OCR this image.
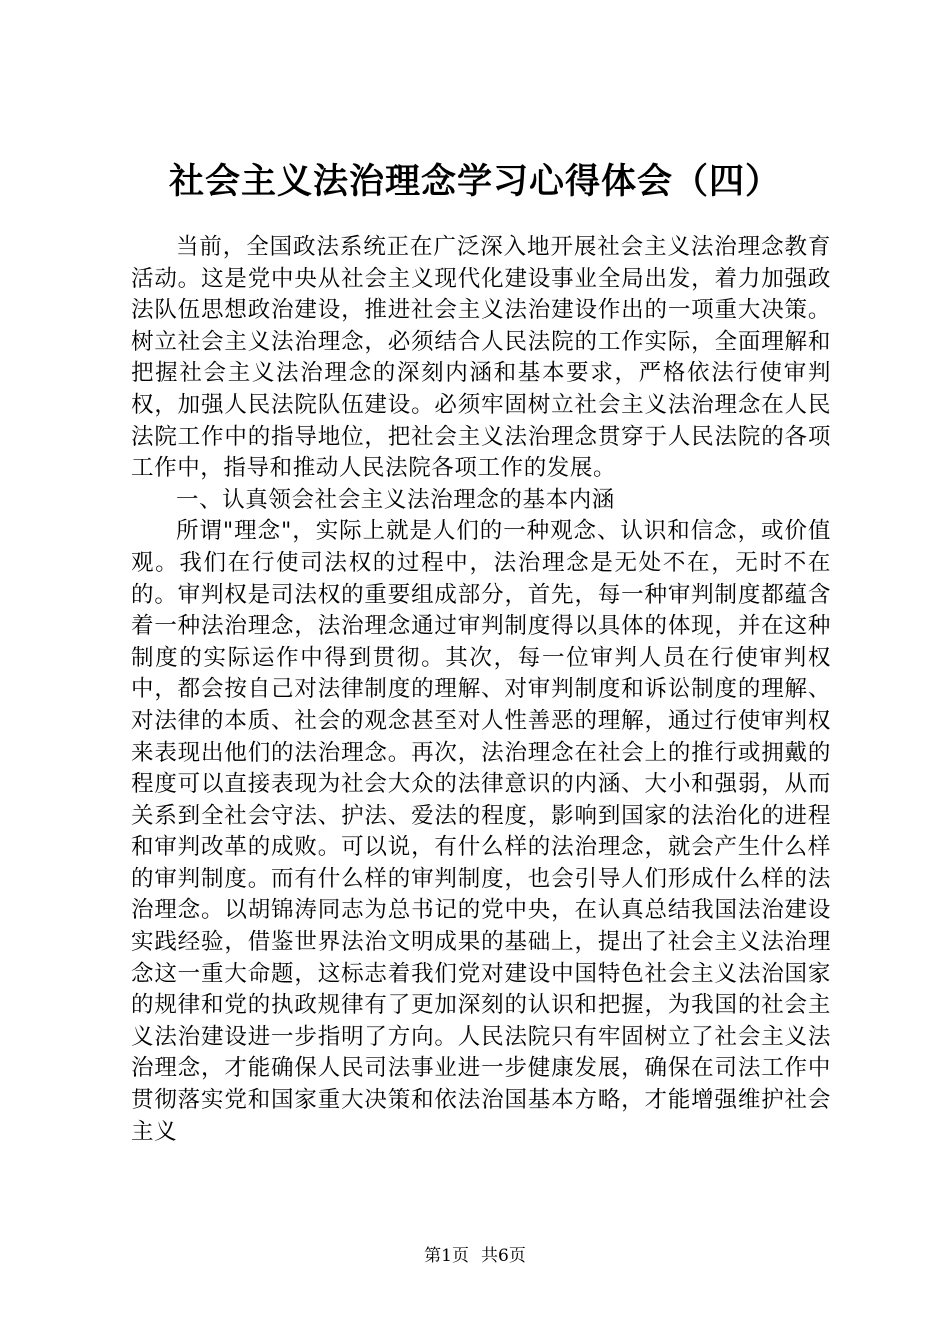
社会主义法治理念学习心得体会（四）

当前，全国政法系统正在广泛深入地开展社会主义法治理念教育活动。这是党中央从社会主义现代化建设事业全局出发，着力加强政法队伍思想政治建设，推进社会主义法治建设作出的一项重大决策。树立社会主义法治理念，必须结合人民法院的工作实际，全面理解和把握社会主义法治理念的深刻内涵和基本要求，严格依法行使审判权，加强人民法院队伍建设。必须牢固树立社会主义法治理念在人民法院工作中的指导地位，把社会主义法治理念贯穿于人民法院的各项工作中，指导和推动人民法院各项工作的发展。

一、认真领会社会主义法治理念的基本内涵

所谓"理念"，实际上就是人们的一种观念、认识和信念，或价值观。我们在行使司法权的过程中，法治理念是无处不在，无时不在的。审判权是司法权的重要组成部分，首先，每一种审判制度都蕴含着一种法治理念，法治理念通过审判制度得以具体的体现，并在这种制度的实际运作中得到贯彻。其次，每一位审判人员在行使审判权中，都会按自己对法律制度的理解、对审判制度和诉讼制度的理解、对法律的本质、社会的观念甚至对人性善恶的理解，通过行使审判权来表现出他们的法治理念。再次，法治理念在社会上的推行或拥戴的程度可以直接表现为社会大众的法律意识的内涵、大小和强弱，从而关系到全社会守法、护法、爱法的程度，影响到国家的法治化的进程和审判改革的成败。可以说，有什么样的法治理念，就会产生什么样的审判制度。而有什么样的审判制度，也会引导人们形成什么样的法治理念。以胡锦涛同志为总书记的党中央，在认真总结我国法治建设实践经验，借鉴世界法治文明成果的基础上，提出了社会主义法治理念这一重大命题，这标志着我们党对建设中国特色社会主义法治国家的规律和党的执政规律有了更加深刻的认识和把握，为我国的社会主义法治建设进一步指明了方向。人民法院只有牢固树立了社会主义法治理念，才能确保人民司法事业进一步健康发展，确保在司法工作中贯彻落实党和国家重大决策和依法治国基本方略，才能增强维护社会主义

第1页 共6页
